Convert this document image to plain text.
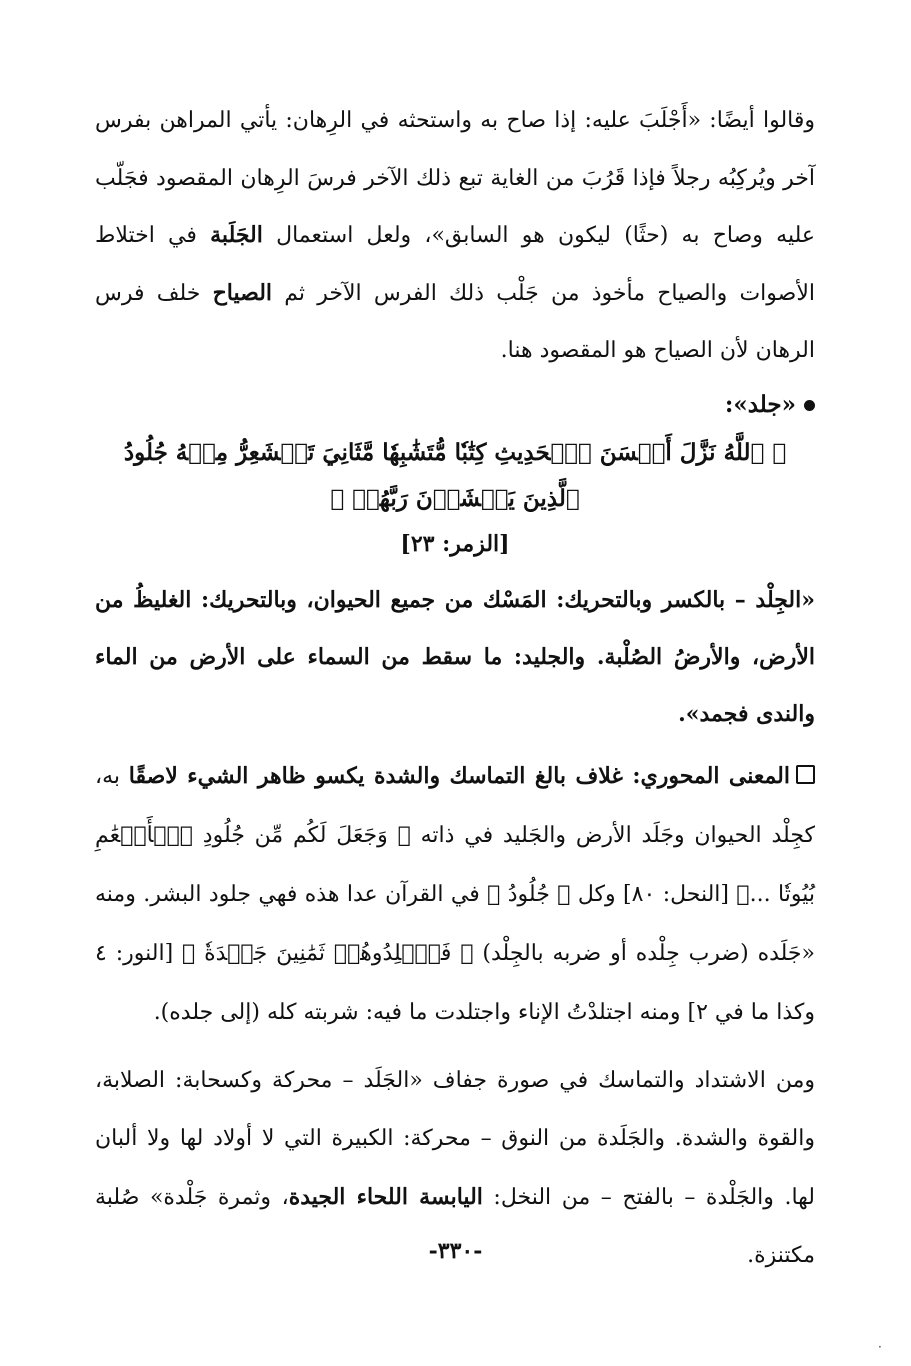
وقالوا أيضًا: «أَجْلَبَ عليه: إذا صاح به واستحثه في الرِهان: يأتي المراهن بفرس آخر ويُركِبُه رجلاً فإذا قَرُبَ من الغاية تبع ذلك الآخر فرسَ الرِهان المقصود فجَلّب عليه وصاح به (حثًا) ليكون هو السابق»، ولعل استعمال الجَلَبة في اختلاط الأصوات والصياح مأخوذ من جَلْب ذلك الفرس الآخر ثم الصياح خلف فرس الرهان لأن الصياح هو المقصود هنا.

«جلد»:

﴿ ٱللَّهُ نَزَّلَ أَحۡسَنَ ٱلۡحَدِيثِ كِتَٰبٗا مُّتَشَٰبِهٗا مَّثَانِيَ تَقۡشَعِرُّ مِنۡهُ جُلُودُ ٱلَّذِينَ يَخۡشَوۡنَ رَبَّهُمۡ ﴾

[الزمر: ٢٣]

«الجِلْد – بالكسر وبالتحريك: المَسْك من جميع الحيوان، وبالتحريك: الغليظُ من الأرض، والأرضُ الصُلْبة. والجليد: ما سقط من السماء على الأرض من الماء والندى فجمد».

المعنى المحوري: غلاف بالغ التماسك والشدة يكسو ظاهر الشيء لاصقًا به، كجِلْد الحيوان وجَلَد الأرض والجَليد في ذاته ﴿ وَجَعَلَ لَكُم مِّن جُلُودِ ٱلۡأَنۡعَٰمِ بُيُوتٗا ...﴾ [النحل: ٨٠] وكل ﴿ جُلُودُ ﴾ في القرآن عدا هذه فهي جلود البشر. ومنه «جَلَده (ضرب جِلْده أو ضربه بالجِلْد) ﴿ فَٱجۡلِدُوهُمۡ ثَمَٰنِينَ جَلۡدَةٗ ﴾ [النور: ٤ وكذا ما في ٢] ومنه اجتلدْتُ الإناء واجتلدت ما فيه: شربته كله (إلى جلده).

ومن الاشتداد والتماسك في صورة جفاف «الجَلَد – محركة وكسحابة: الصلابة، والقوة والشدة. والجَلَدة من النوق – محركة: الكبيرة التي لا أولاد لها ولا ألبان لها. والجَلْدة – بالفتح – من النخل: اليابسة اللحاء الجيدة، وثمرة جَلْدة» صُلبة مكتنزة.

-٣٣٠-
·
